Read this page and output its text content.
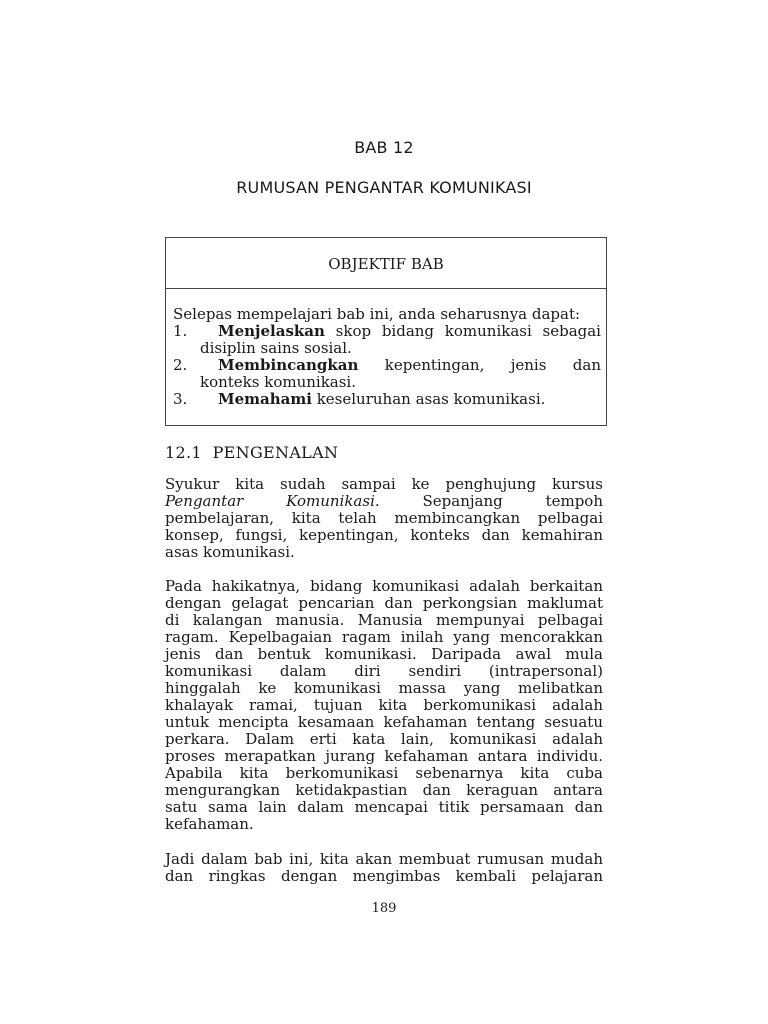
BAB 12
RUMUSAN PENGANTAR KOMUNIKASI
OBJEKTIF BAB
Selepas mempelajari bab ini, anda seharusnya dapat:
1. Menjelaskan skop bidang komunikasi sebagai
disiplin sains sosial.
2. Membincangkan kepentingan, jenis dan
konteks komunikasi.
3. Memahami keseluruhan asas komunikasi.
12.1 PENGENALAN
Syukur kita sudah sampai ke penghujung kursus
Pengantar Komunikasi.	Sepanjang tempoh
pembelajaran, kita telah membincangkan pelbagai
konsep, fungsi, kepentingan, konteks dan kemahiran
asas komunikasi.
Pada hakikatnya, bidang komunikasi adalah berkaitan
dengan gelagat pencarian dan perkongsian maklumat
di kalangan manusia. Manusia mempunyai pelbagai
ragam. Kepelbagaian ragam inilah yang mencorakkan
jenis dan bentuk komunikasi. Daripada awal mula
komunikasi dalam diri sendiri (intrapersonal)
hinggalah ke komunikasi massa yang melibatkan
khalayak ramai, tujuan kita berkomunikasi adalah
untuk mencipta kesamaan kefahaman tentang sesuatu
perkara. Dalam erti kata lain, komunikasi adalah
proses merapatkan jurang kefahaman antara individu.
Apabila kita berkomunikasi sebenarnya kita cuba
mengurangkan ketidakpastian dan keraguan antara
satu sama lain dalam mencapai titik persamaan dan
kefahaman.
Jadi dalam bab ini, kita akan membuat rumusan mudah
dan ringkas dengan mengimbas kembali pelajaran
189
